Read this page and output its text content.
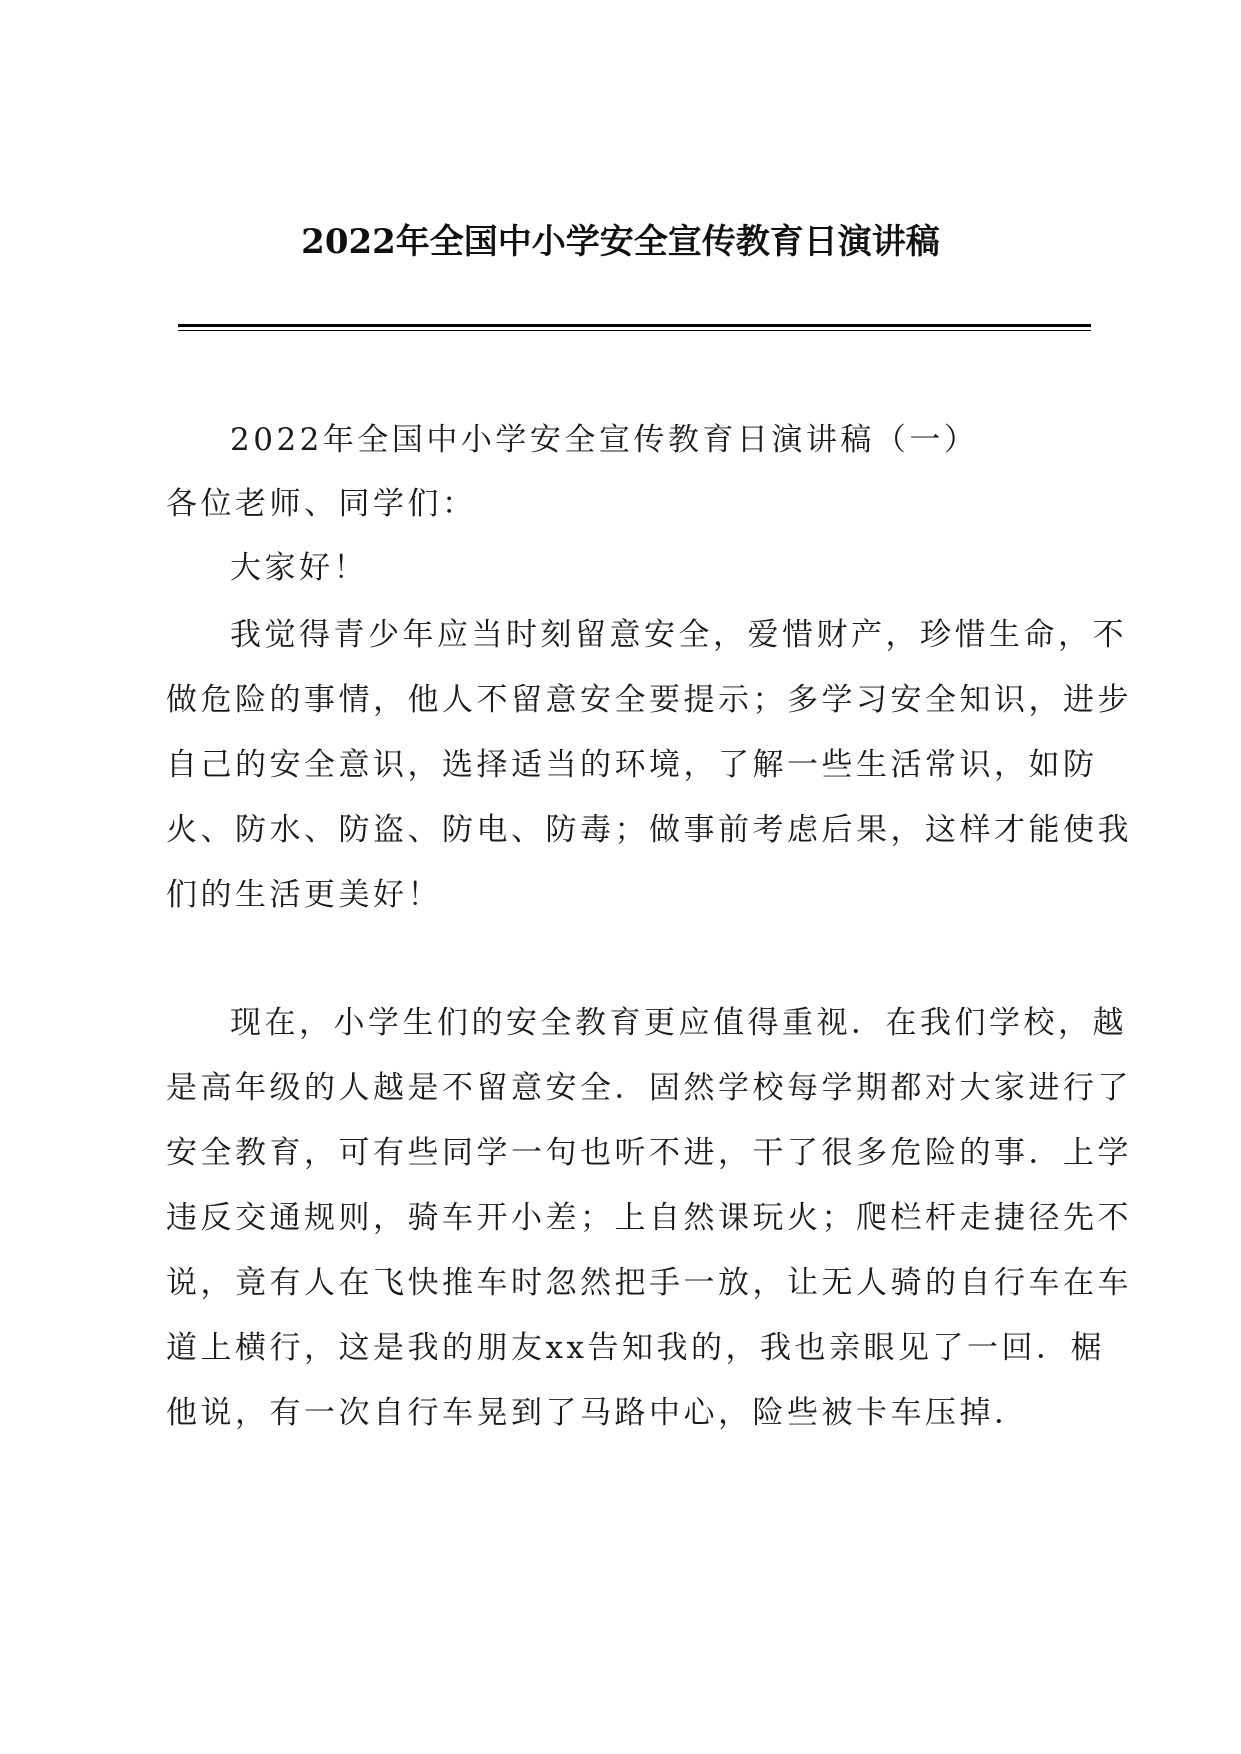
2022年全国中小学安全宣传教育日演讲稿
2022年全国中小学安全宣传教育日演讲稿（一）
各位老师、同学们：
大家好！
我觉得青少年应当时刻留意安全，爱惜财产，珍惜生命，不
做危险的事情，他人不留意安全要提示；多学习安全知识，进步
自己的安全意识，选择适当的环境，了解一些生活常识，如防
火、防水、防盗、防电、防毒；做事前考虑后果，这样才能使我
们的生活更美好！
现在，小学生们的安全教育更应值得重视．在我们学校，越
是高年级的人越是不留意安全．固然学校每学期都对大家进行了
安全教育，可有些同学一句也听不进，干了很多危险的事．上学
违反交通规则，骑车开小差；上自然课玩火；爬栏杆走捷径先不
说，竟有人在飞快推车时忽然把手一放，让无人骑的自行车在车
道上横行，这是我的朋友xx告知我的，我也亲眼见了一回．椐
他说，有一次自行车晃到了马路中心，险些被卡车压掉．
